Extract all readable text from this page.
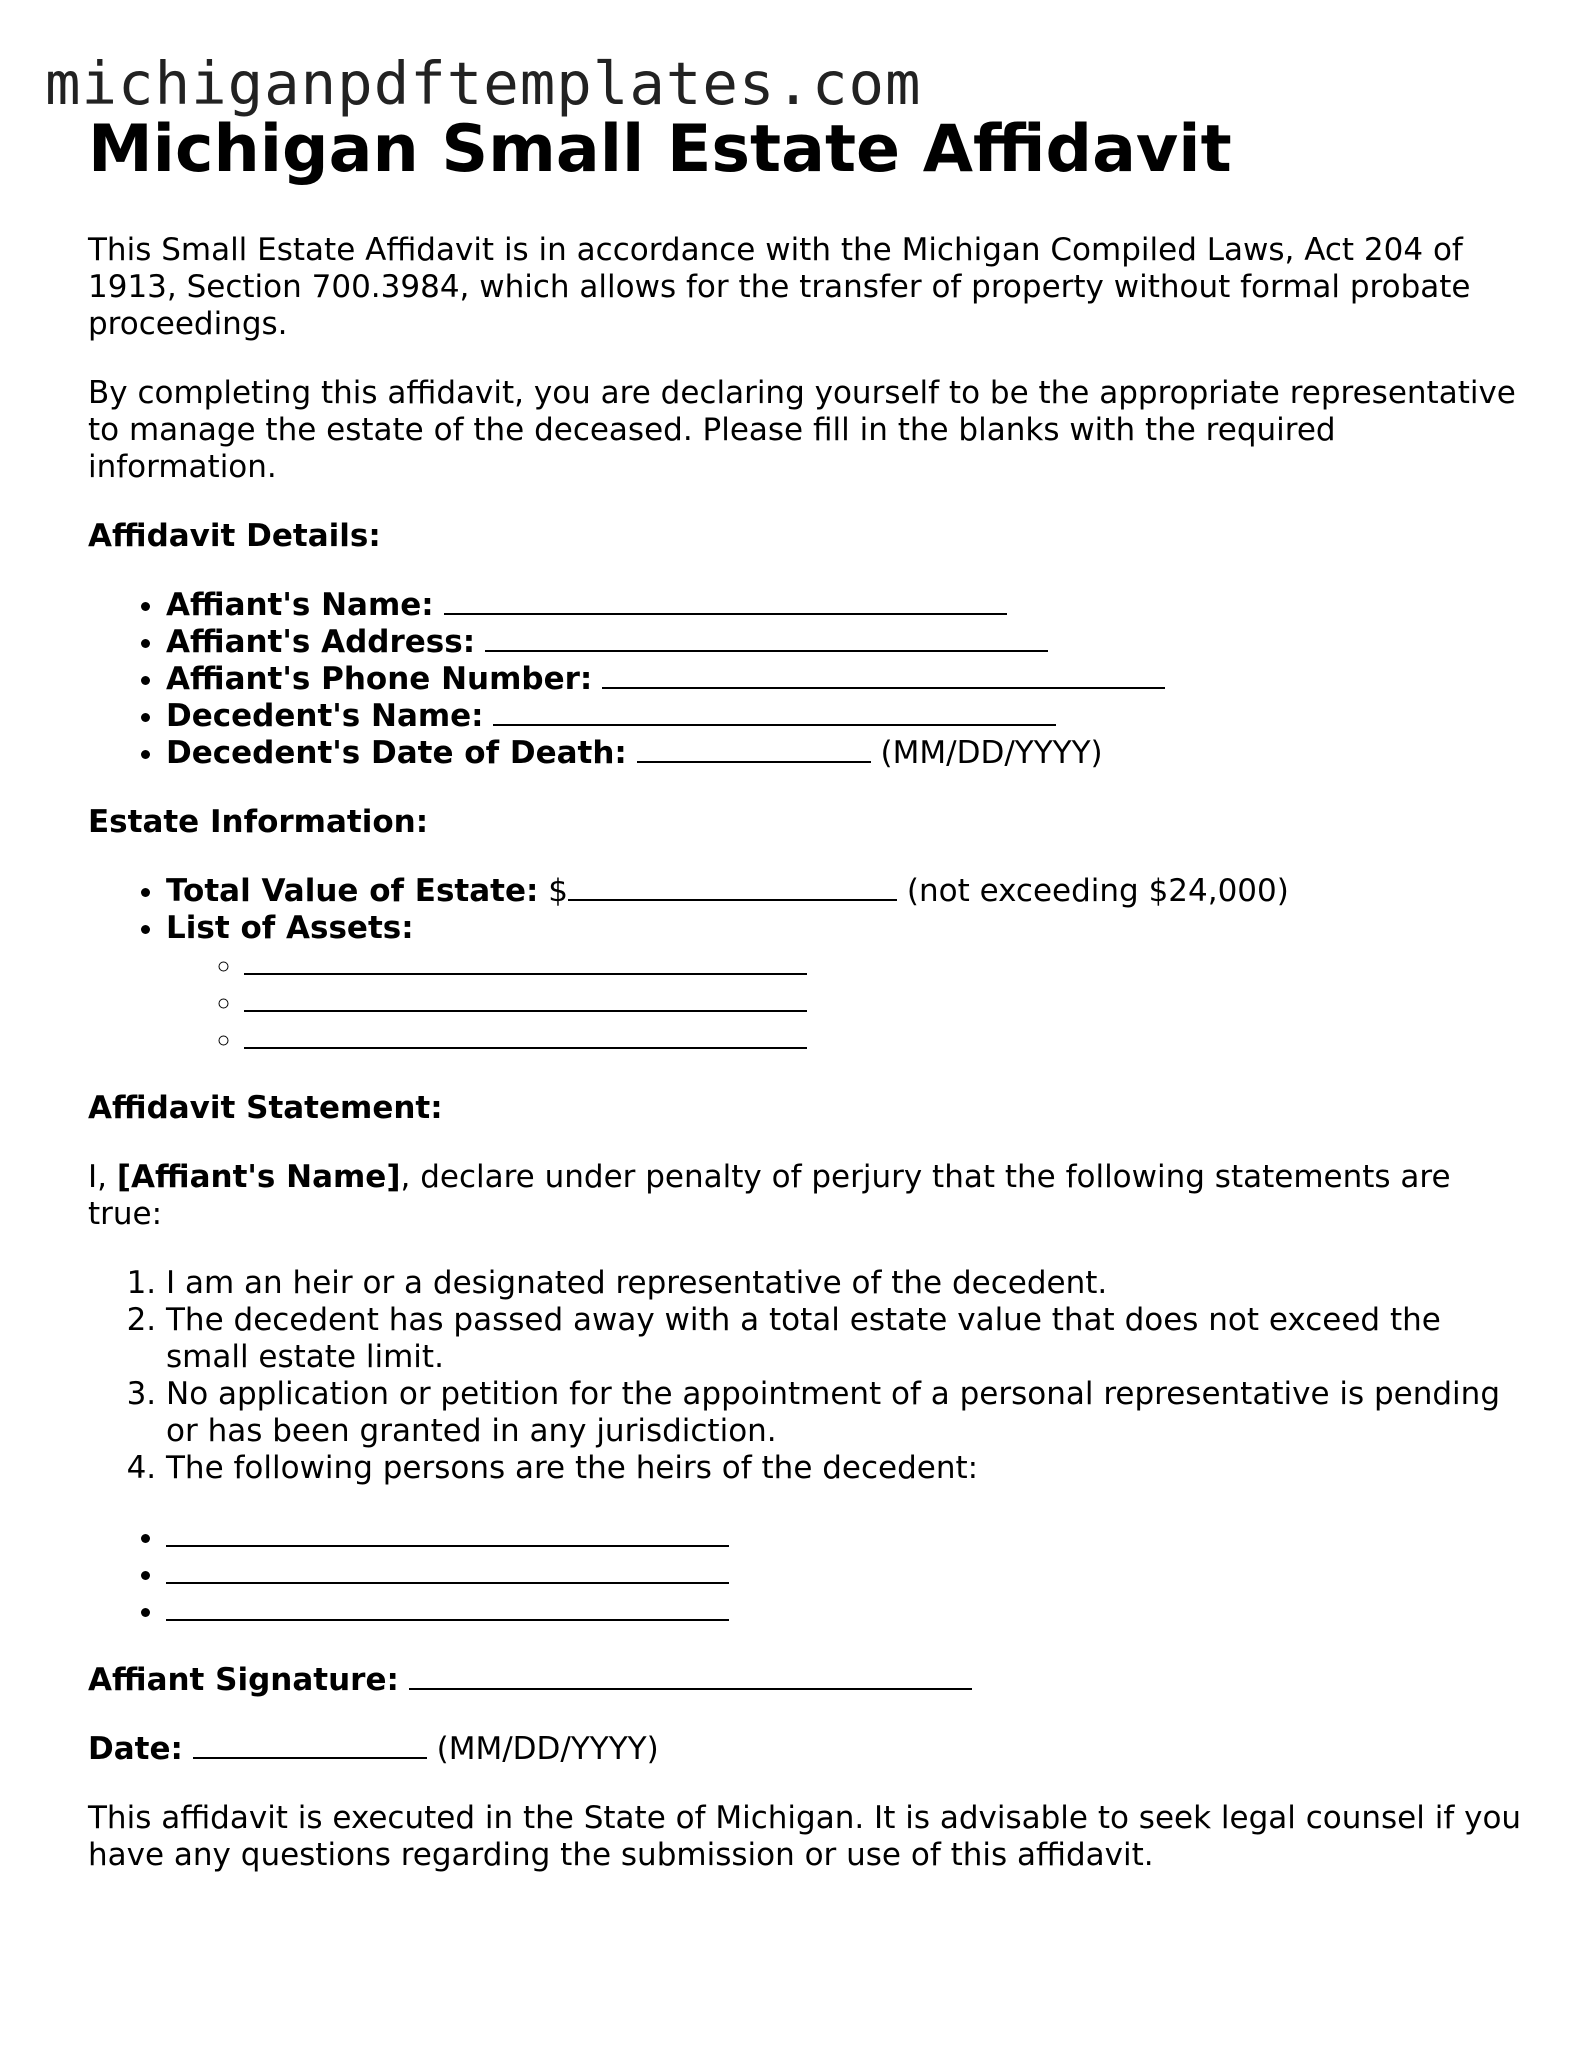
michiganpdftemplates.com
Michigan Small Estate Affidavit

This Small Estate Affidavit is in accordance with the Michigan Compiled Laws, Act 204 of 1913, Section 700.3984, which allows for the transfer of property without formal probate proceedings.

By completing this affidavit, you are declaring yourself to be the appropriate representative to manage the estate of the deceased. Please fill in the blanks with the required information.

Affidavit Details:

• Affiant's Name:
• Affiant's Address:
• Affiant's Phone Number:
• Decedent's Name:
• Decedent's Date of Death:	(MM/DD/YYYY)

Estate Information:

• Total Value of Estate: $	(not exceeding $24,000)
• List of Assets:
◦
◦
◦

Affidavit Statement:

I, [Affiant's Name], declare under penalty of perjury that the following statements are true:

1. I am an heir or a designated representative of the decedent.
2. The decedent has passed away with a total estate value that does not exceed the small estate limit.
3. No application or petition for the appointment of a personal representative is pending or has been granted in any jurisdiction.
4. The following persons are the heirs of the decedent:
•
•
•

Affiant Signature:

Date:	(MM/DD/YYYY)

This affidavit is executed in the State of Michigan. It is advisable to seek legal counsel if you have any questions regarding the submission or use of this affidavit.
